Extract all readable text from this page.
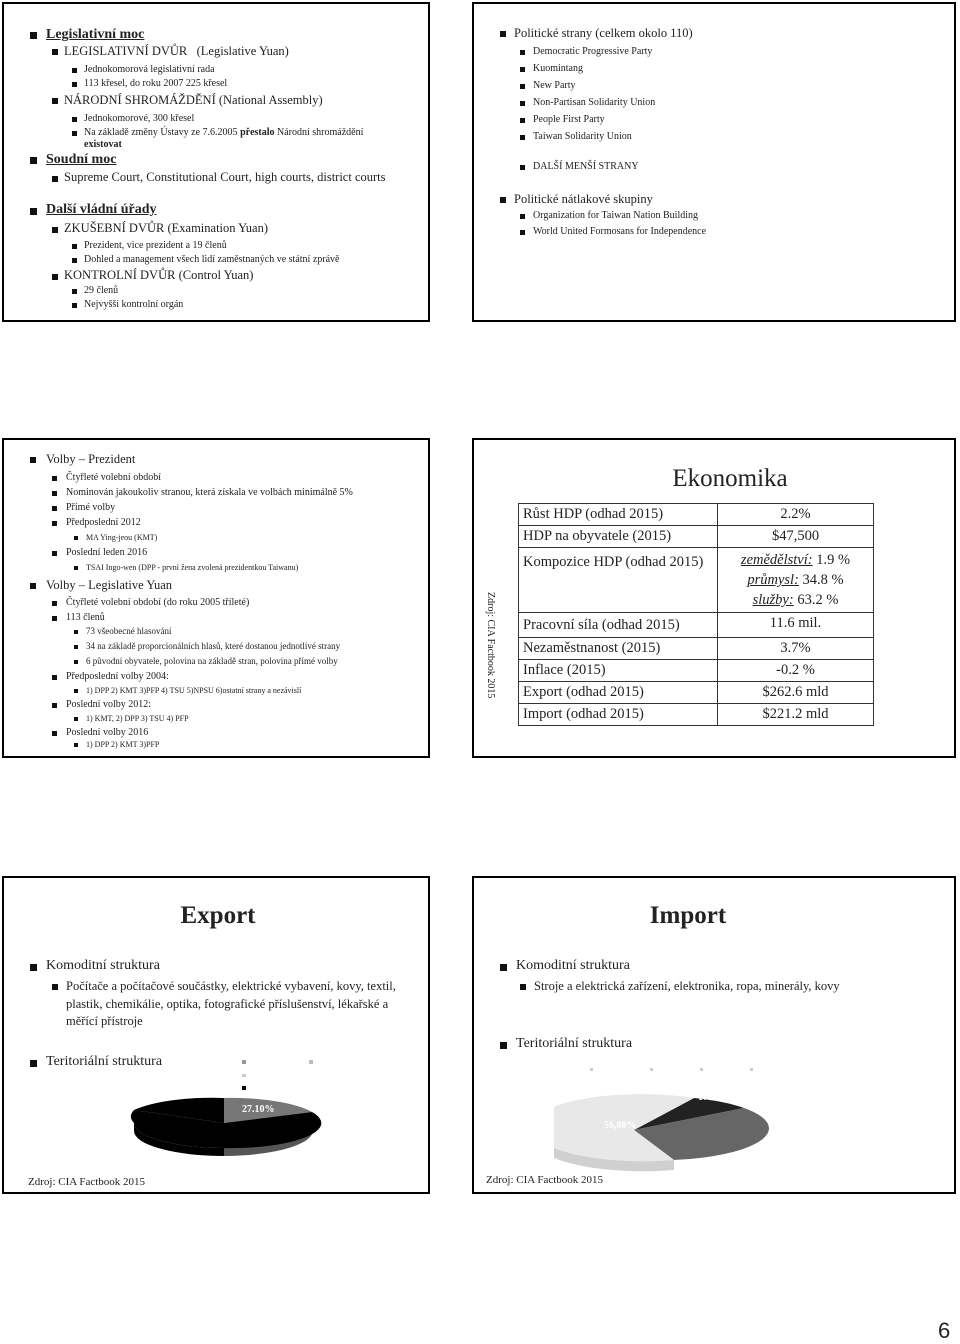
Legislativní moc
LEGISLATIVNÍ DVŮR (Legislative Yuan)
Jednokomorová legislativní rada
113 křesel, do roku 2007 225 křesel
NÁRODNÍ SHROMÁŽDĚNÍ (National Assembly)
Jednokomorové, 300 křesel
Na základě změny Ústavy ze 7.6.2005 přestalo Národní shromáždění
existovat
Soudní moc
Supreme Court, Constitutional Court, high courts, district courts
Další vládní úřady
ZKUŠEBNÍ DVŮR (Examination Yuan)
Prezident, vice prezident a 19 členů
Dohled a management všech lidí zaměstnaných ve státní zprávě
KONTROLNÍ DVŮR (Control Yuan)
29 členů
Nejvyšší kontrolní orgán
Politické strany (celkem okolo 110)
Democratic Progressive Party
Kuomintang
New Party
Non-Partisan Solidarity Union
People First Party
Taiwan Solidarity Union
DALŠÍ MENŠÍ STRANY
Politické nátlakové skupiny
Organization for Taiwan Nation Building
World United Formosans for Independence
Volby – Prezident
Čtyřleté volební období
Nominován jakoukoliv stranou, která získala ve volbách minimálně 5%
Přímé volby
Předposlední 2012
MA Ying-jeou (KMT)
Poslední leden 2016
TSAI Ingo-wen (DPP - první žena zvolená prezidentkou Taiwanu)
Volby – Legislative Yuan
Čtyřleté volební období (do roku 2005 tříleté)
113 členů
73 všeobecné hlasování
34 na základě proporcionálních hlasů, které dostanou jednotlivé strany
6 původní obyvatele, polovina na základě stran, polovina přímé volby
Předposlední volby 2004:
1) DPP 2) KMT 3)PFP 4) TSU 5)NPSU 6)ostatní strany a nezávislí
Poslední volby 2012:
1) KMT, 2) DPP 3) TSU 4) PFP
Poslední volby 2016
1) DPP 2) KMT 3)PFP
Ekonomika
Zdroj: CIA Factbook 2015
Růst HDP (odhad 2015)	2.2%
HDP na obyvatele (2015)	$47,500
Kompozice HDP (odhad 2015)	zemědělství: 1.9 %
průmysl: 34.8 %
služby: 63.2 %
Pracovní síla (odhad 2015)	11.6 mil.
Nezaměstnanost (2015)	3.7%
Inflace (2015)	-0.2 %
Export (odhad 2015)	$262.6 mld
Import (odhad 2015)	$221.2 mld
Export
Komoditní struktura
Počítače a počítačové součástky, elektrické vybavení, kovy, textil, plastik, chemikálie, optika, fotografické příslušenství, lékařské a měřící přístroje
Teritoriální struktura
27.10%
Zdroj: CIA Factbook 2015
Import
Komoditní struktura
Stroje a elektrická zařízení, elektronika, ropa, minerály, kovy
Teritoriální struktura
17.6%
56,80%
Zdroj: CIA Factbook 2015
6
